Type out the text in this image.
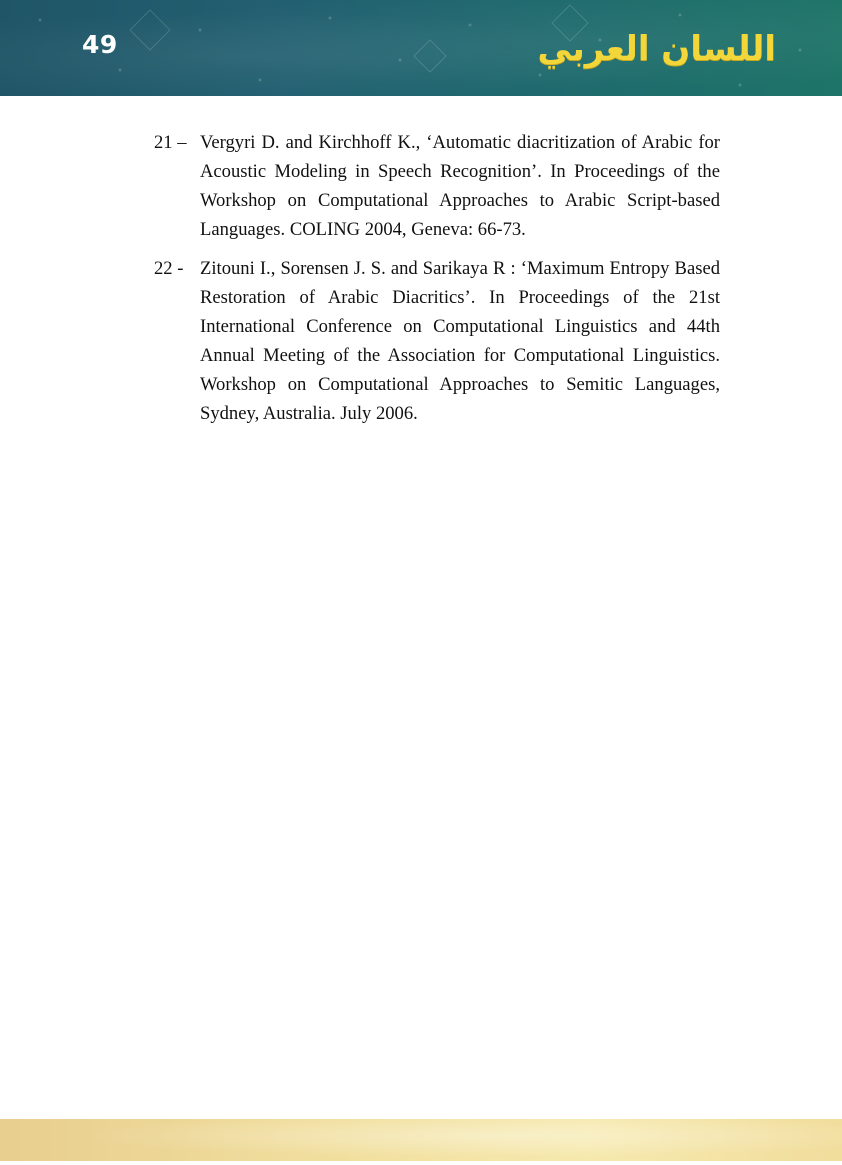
49	اللسان العربي

21 – Vergyri D. and Kirchhoff K., ‘Automatic diacritization of Arabic for Acoustic Modeling in Speech Recognition’. In Proceedings of the Workshop on Computational Approaches to Arabic Script-based Languages. COLING 2004, Geneva: 66-73.

22 - Zitouni I., Sorensen J. S. and Sarikaya R : ‘Maximum Entropy Based Restoration of Arabic Diacritics’. In Proceedings of the 21st International Conference on Computational Linguistics and 44th Annual Meeting of the Association for Computational Linguistics. Workshop on Computational Approaches to Semitic Languages, Sydney, Australia. July 2006.
